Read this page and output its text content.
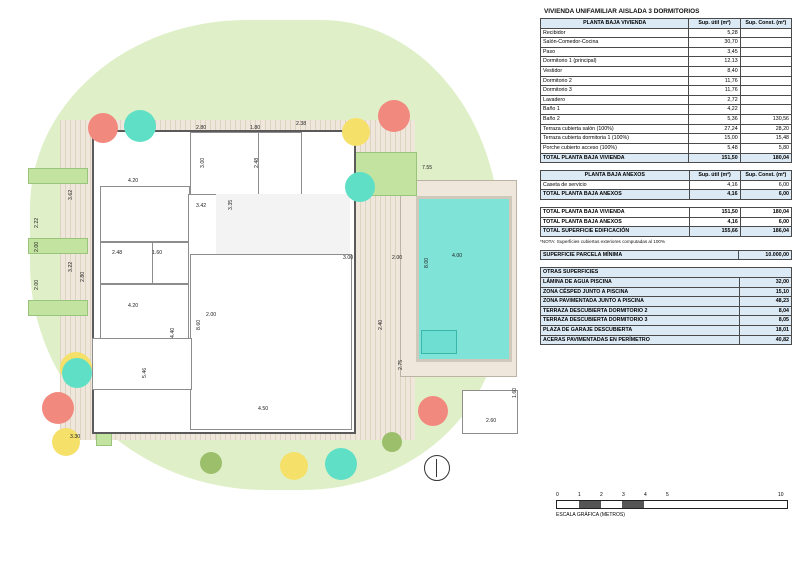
2.80	1.80
2.38
3.00	2.48	7.55
4.20
3.62
3.42	3.35
2.22
2.00
2.48	1.60
3.00	2.00	4.00
3.22
2.80
4.20
8.00
8.60	2.40
4.40
5.46
4.50
2.75
3.30
2.60
1.60
2.00
2.00
VIVIENDA UNIFAMILIAR AISLADA 3 DORMITORIOS
PLANTA BAJA VIVIENDA	Sup. útil (m²)	Sup. Const. (m²)
Recibidor	5,28	
Salón-Comedor-Cocina	30,70	
Paso	3,45	
Dormitorio 1 (principal)	12,13	
Vestidor	8,40	
Dormitorio 2	11,76	
Dormitorio 3	11,76	
Lavadero	2,72	
Baño 1	4,22	
Baño 2	5,36	130,56
Terraza cubierta salón (100%)	27,24	28,20
Terraza cubierta dormitoria 1 (100%)	15,00	15,48
Porche cubierto acceso (100%)	5,48	5,80
TOTAL PLANTA BAJA VIVIENDA	151,50	180,04
PLANTA BAJA ANEXOS	Sup. útil (m²)	Sup. Const. (m²)
Caseta de servicio	4,16	6,00
TOTAL PLANTA BAJA ANEXOS	4,16	6,00
TOTAL PLANTA BAJA VIVIENDA	151,50	180,04
TOTAL PLANTA BAJA ANEXOS	4,16	6,00
TOTAL SUPERFICIE EDIFICACIÓN	155,66	186,04
*NOTA: Superficies cubiertas exteriores computadas al 100%
SUPERFICIE PARCELA MÍNIMA	10.000,00
OTRAS SUPERFICIES	
LÁMINA DE AGUA PISCINA	32,00
ZONA CÉSPED JUNTO A PISCINA	15,10
ZONA PAVIMENTADA JUNTO A PISCINA	48,23
TERRAZA DESCUBIERTA DORMITORIO 2	8,04
TERRAZA DESCUBIERTA DORMITORIO 3	8,05
PLAZA DE GARAJE DESCUBIERTA	18,01
ACERAS PAVIMENTADAS EN PERÍMETRO	40,82
0	1	2	3	4	5	10
ESCALA GRÁFICA (METROS)
